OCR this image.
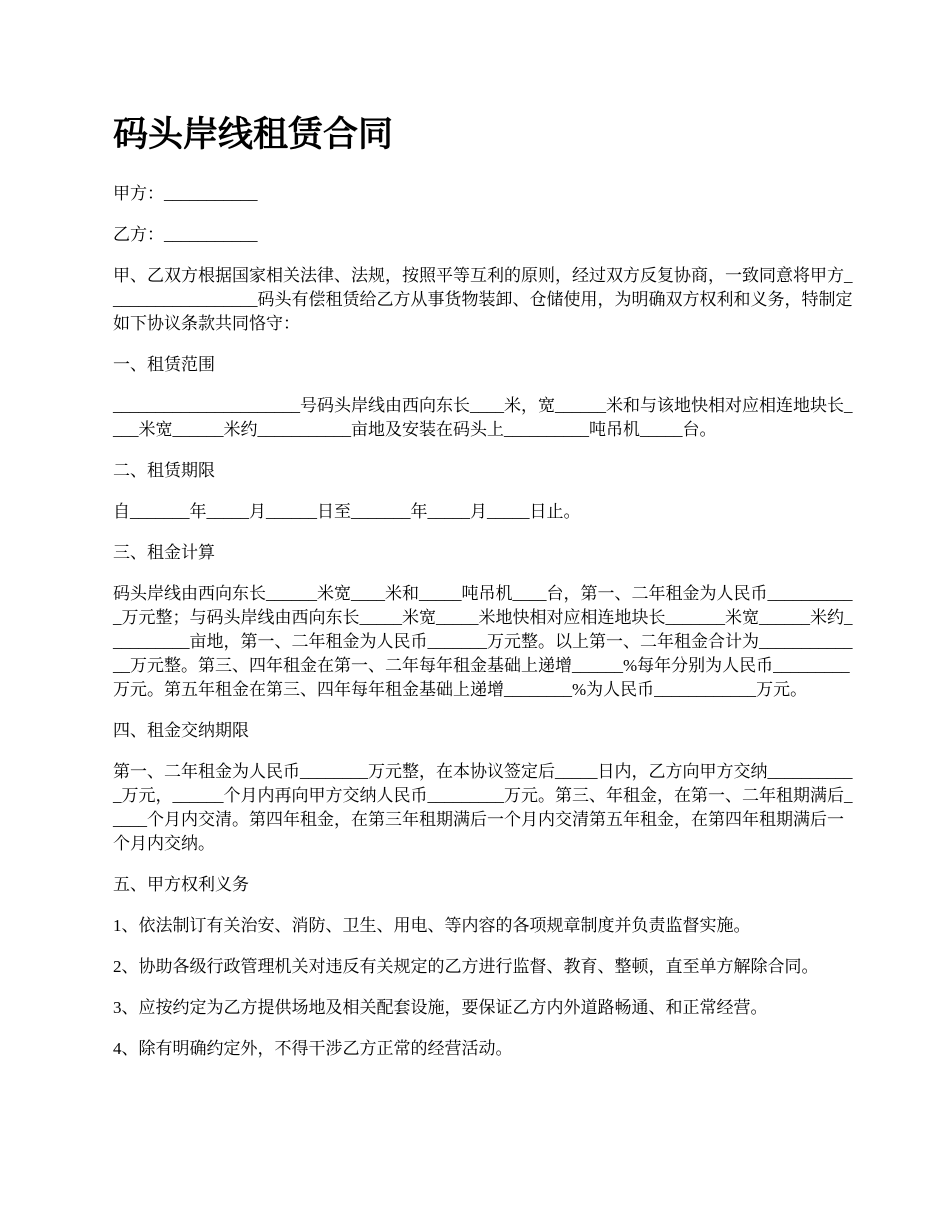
码头岸线租赁合同

甲方：___________

乙方：___________

甲、乙双方根据国家相关法律、法规，按照平等互利的原则，经过双方反复协商，一致同意将甲方__________________码头有偿租赁给乙方从事货物装卸、仓储使用，为明确双方权利和义务，特制定如下协议条款共同恪守：

一、租赁范围

______________________号码头岸线由西向东长____米，宽______米和与该地快相对应相连地块长____米宽______米约___________亩地及安装在码头上__________吨吊机_____台。

二、租赁期限

自_______年_____月______日至_______年_____月_____日止。

三、租金计算

码头岸线由西向东长______米宽____米和_____吨吊机____台，第一、二年租金为人民币___________万元整；与码头岸线由西向东长_____米宽_____米地快相对应相连地块长_______米宽______米约__________亩地，第一、二年租金为人民币_______万元整。以上第一、二年租金合计为_____________万元整。第三、四年租金在第一、二年每年租金基础上递增______%每年分别为人民币_________万元。第五年租金在第三、四年每年租金基础上递增________%为人民币____________万元。

四、租金交纳期限

第一、二年租金为人民币________万元整，在本协议签定后_____日内，乙方向甲方交纳___________万元，______个月内再向甲方交纳人民币_________万元。第三、年租金，在第一、二年租期满后_____个月内交清。第四年租金，在第三年租期满后一个月内交清第五年租金，在第四年租期满后一个月内交纳。

五、甲方权利义务

1、依法制订有关治安、消防、卫生、用电、等内容的各项规章制度并负责监督实施。

2、协助各级行政管理机关对违反有关规定的乙方进行监督、教育、整顿，直至单方解除合同。

3、应按约定为乙方提供场地及相关配套设施，要保证乙方内外道路畅通、和正常经营。

4、除有明确约定外，不得干涉乙方正常的经营活动。
